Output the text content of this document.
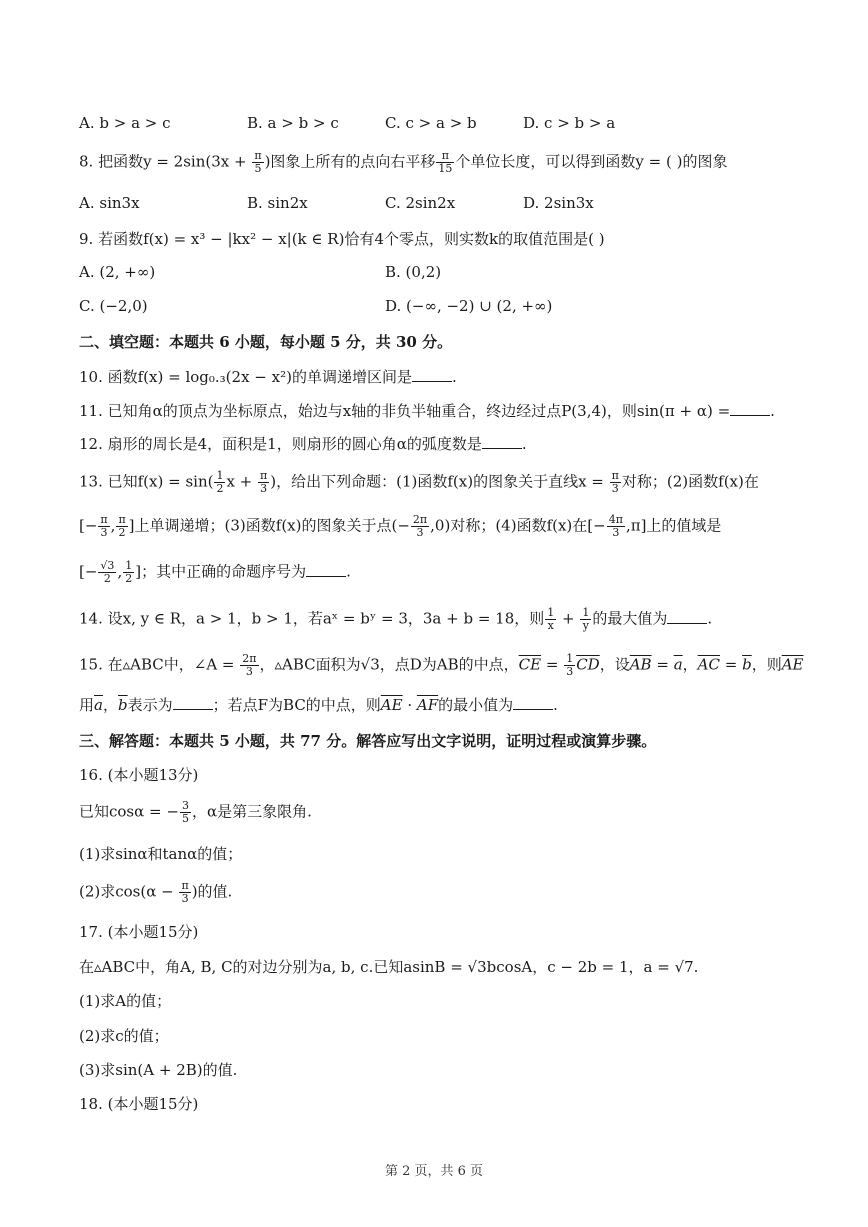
A. b > a > c	B. a > b > c	C. c > a > b	D. c > b > a
8. 把函数$y = 2\sin(3x + \frac{\pi}{5}$ )图象上所有的点向右平移 $\frac{\pi}{15}$ 个单位长度，可以得到函数y = ( )的图象
A. sin3x	B. sin2x	C. 2sin2x	D. 2sin3x
9. 若函数f(x) = x³ − |kx² − x|(k ∈ R)恰有4个零点，则实数k的取值范围是( )
A. (2, +∞)	B. (0,2)
C. (−2,0)	D. (−∞, −2) ∪ (2, +∞)
二、填空题：本题共 6 小题，每小题 5 分，共 30 分。
10. 函数f(x) = log₀.₃(2x − x²)的单调递增区间是	.
11. 已知角α的顶点为坐标原点，始边与x轴的非负半轴重合，终边经过点P(3,4)，则sin(π + α) =	.
12. 扇形的周长是4，面积是1，则扇形的圆心角α的弧度数是	.
13. 已知$f(x) = \sin( \frac{1}{2}$ $x + \frac{\pi}{3}$ )，给出下列命题：(1)函数f(x)的图象关于直线$x = \frac{\pi}{3}$ 对称；(2)函数f(x)在
[− $\frac{\pi}{3}$ , $\frac{\pi}{2}$ ]上单调递增；(3)函数f(x)的图象关于点(− $\frac{2\pi}{3} ,0$)对称；(4)函数f(x)在[− $\frac{4\pi}{3} ,\pi$]上的值域是
[− $\frac{√3}{2}$ , $\frac{1}{2}$ ]；其中正确的命题序号为	.
14. 设x, y ∈ R，a > 1，b > 1，若aˣ = bʸ = 3，3a + b = 18，则 $\frac{1}{x} + \frac{1}{y}$ 的最大值为	.
15. 在▵ABC中，∠A = $\frac{2\pi}{3}$ ，▵ABC面积为√3，点D为AB的中点，$\overline{CE} = \frac{1}{3} \overline{CD}$，设$\overline{AB} = \overline{a}$，$\overline{AC} = \overline{b}$，则$\overline{AE}$
用$\overline{a}$，$\overline{b}$表示为	；若点F为BC的中点，则$\overline{AE} \cdot \overline{AF}$的最小值为	.
三、解答题：本题共 5 小题，共 77 分。解答应写出文字说明，证明过程或演算步骤。
16. (本小题13分)
已知cosα = − $\frac{3}{5}$ ，α是第三象限角.
(1)求sinα和tanα的值；
(2)求$\cos(\alpha - \frac{\pi}{3}$ )的值.
17. (本小题15分)
在▵ABC中，角A, B, C的对边分别为a, b, c.已知asinB = √3bcosA，c − 2b = 1，a = √7.
(1)求A的值；
(2)求c的值；
(3)求sin(A + 2B)的值.
18. (本小题15分)
第 2 页，共 6 页
